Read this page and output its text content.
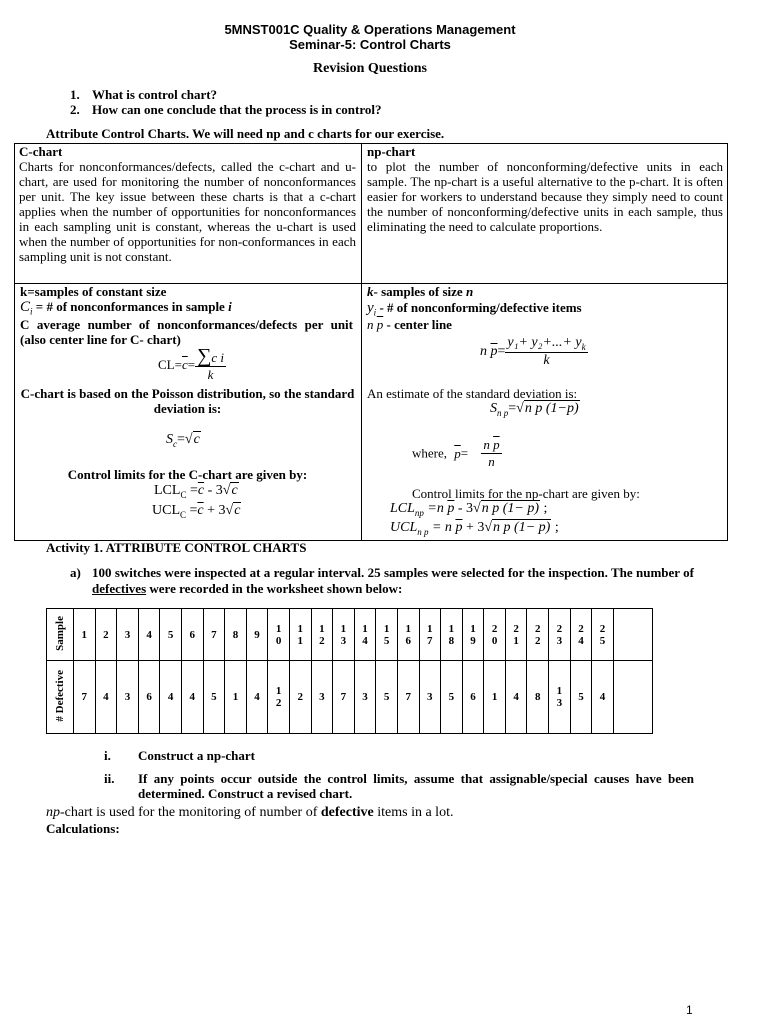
5MNST001C Quality & Operations Management
Seminar-5: Control Charts
Revision Questions
1. What is control chart?
2. How can one conclude that the process is in control?
Attribute Control Charts. We will need np and c charts for our exercise.
C-chart
Charts for nonconformances/defects, called the c-chart and u-chart, are used for monitoring the number of nonconformances per unit. The key issue between these charts is that a c-chart applies when the number of opportunities for nonconformances in each sampling unit is constant, whereas the u-chart is used when the number of opportunities for non-conformances in each sampling unit is not constant.
np-chart
to plot the number of nonconforming/defective units in each sample. The np-chart is a useful alternative to the p-chart. It is often easier for workers to understand because they simply need to count the number of nonconforming/defective units in each sample, thus eliminating the need to calculate proportions.
k=samples of constant size
$C_i$ = # of nonconformances in sample i
C average number of nonconformances/defects per unit (also center line for C- chart)
$CL=\overline{c}= \frac{\text{∑c i}}{k}$
C-chart is based on the Poisson distribution, so the standard deviation is:
$S_c=√c$
Control limits for the C-chart are given by:
$LCL_C =\overline{c} - 3√c$
$UCL_C =\overline{c} + 3√c$
k- samples of size n
$y_i$ - # of nonconforming/defective items
n $\overline{p}$ - center line
n $\overline{p}= \frac{y_1+ y_2+...+ y_k}{k}$
An estimate of the standard deviation is:
$S_{n p}=√n$ $\overline{p}$ $(1-\overline{p})$
where, $\overline{p}= \frac{n \overline{p}}{n}$
Control limits for the np-chart are given by:
$LCL_{np} =n$ $\overline{p} - 3√n$ p (1− p) ;
$UCL_{n p} = n$ $\overline{p} + 3√n$ p (1− p) ;
Activity 1. ATTRIBUTE CONTROL CHARTS
a) 100 switches were inspected at a regular interval. 25 samples were selected for the inspection. The number of defectives were recorded in the worksheet shown below:
Sample	1	2	3	4	5	6	7	8	9	10	11	12	13	14	15	16	17	18	19	20	21	22	23	24	25	
# Defective	7	4	3	6	4	4	5	1	4	12	2	3	7	3	5	7	3	5	6	1	4	8	13	5	4	
i. Construct a np-chart
ii. If any points occur outside the control limits, assume that assignable/special causes have been determined. Construct a revised chart.
np-chart is used for the monitoring of number of defective items in a lot.
Calculations:
1
